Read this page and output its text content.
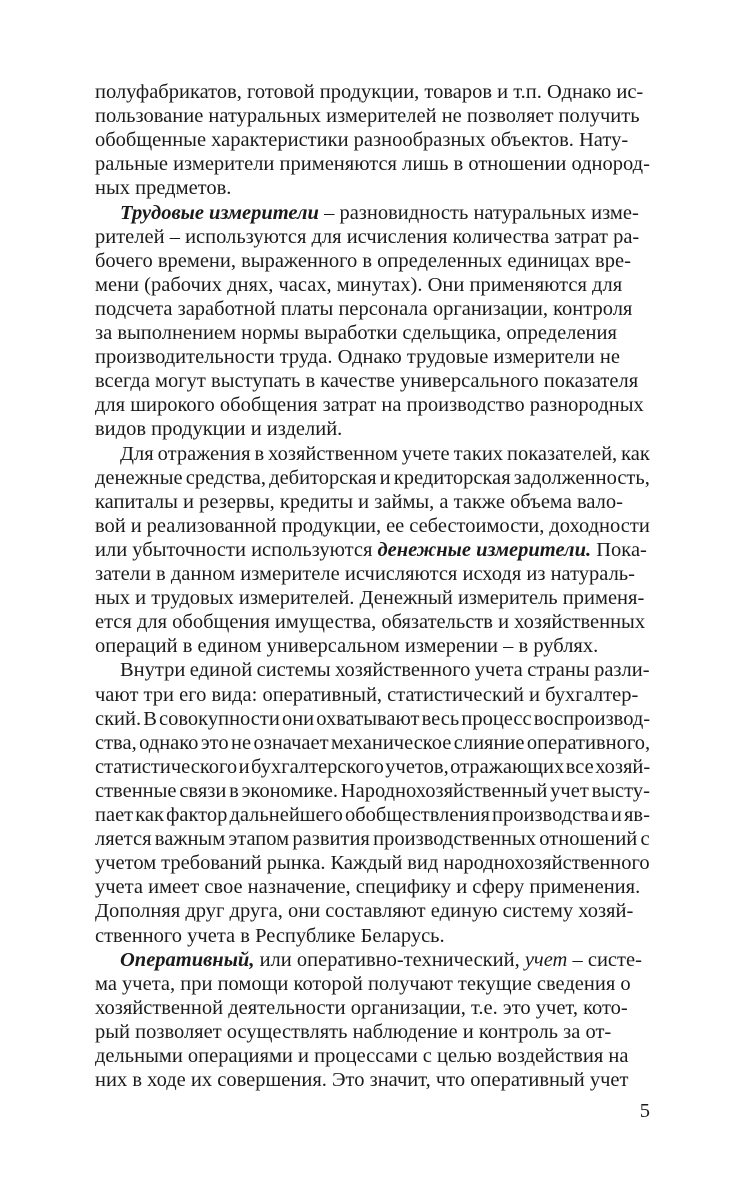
полуфабрикатов, готовой продукции, товаров и т.п. Однако ис-
пользование натуральных измерителей не позволяет получить
обобщенные характеристики разнообразных объектов. Нату-
ральные измерители применяются лишь в отношении однород-
ных предметов.
Трудовые измерители – разновидность натуральных изме-
рителей – используются для исчисления количества затрат ра-
бочего времени, выраженного в определенных единицах вре-
мени (рабочих днях, часах, минутах). Они применяются для
подсчета заработной платы персонала организации, контроля
за выполнением нормы выработки сдельщика, определения
производительности труда. Однако трудовые измерители не
всегда могут выступать в качестве универсального показателя
для широкого обобщения затрат на производство разнородных
видов продукции и изделий.
Для отражения в хозяйственном учете таких показателей, как
денежные средства, дебиторская и кредиторская задолженность,
капиталы и резервы, кредиты и займы, а также объема вало-
вой и реализованной продукции, ее себестоимости, доходности
или убыточности используются денежные измерители. Пока-
затели в данном измерителе исчисляются исходя из натураль-
ных и трудовых измерителей. Денежный измеритель применя-
ется для обобщения имущества, обязательств и хозяйственных
операций в едином универсальном измерении – в рублях.
Внутри единой системы хозяйственного учета страны разли-
чают три его вида: оперативный, статистический и бухгалтер-
ский. В совокупности они охватывают весь процесс воспроизвод-
ства, однако это не означает механическое слияние оперативного,
статистического и бухгалтерского учетов, отражающих все хозяй-
ственные связи в экономике. Народнохозяйственный учет высту-
пает как фактор дальнейшего обобществления производства и яв-
ляется важным этапом развития производственных отношений с
учетом требований рынка. Каждый вид народнохозяйственного
учета имеет свое назначение, специфику и сферу применения.
Дополняя друг друга, они составляют единую систему хозяй-
ственного учета в Республике Беларусь.
Оперативный, или оперативно-технический, учет – систе-
ма учета, при помощи которой получают текущие сведения о
хозяйственной деятельности организации, т.е. это учет, кото-
рый позволяет осуществлять наблюдение и контроль за от-
дельными операциями и процессами с целью воздействия на
них в ходе их совершения. Это значит, что оперативный учет
5
